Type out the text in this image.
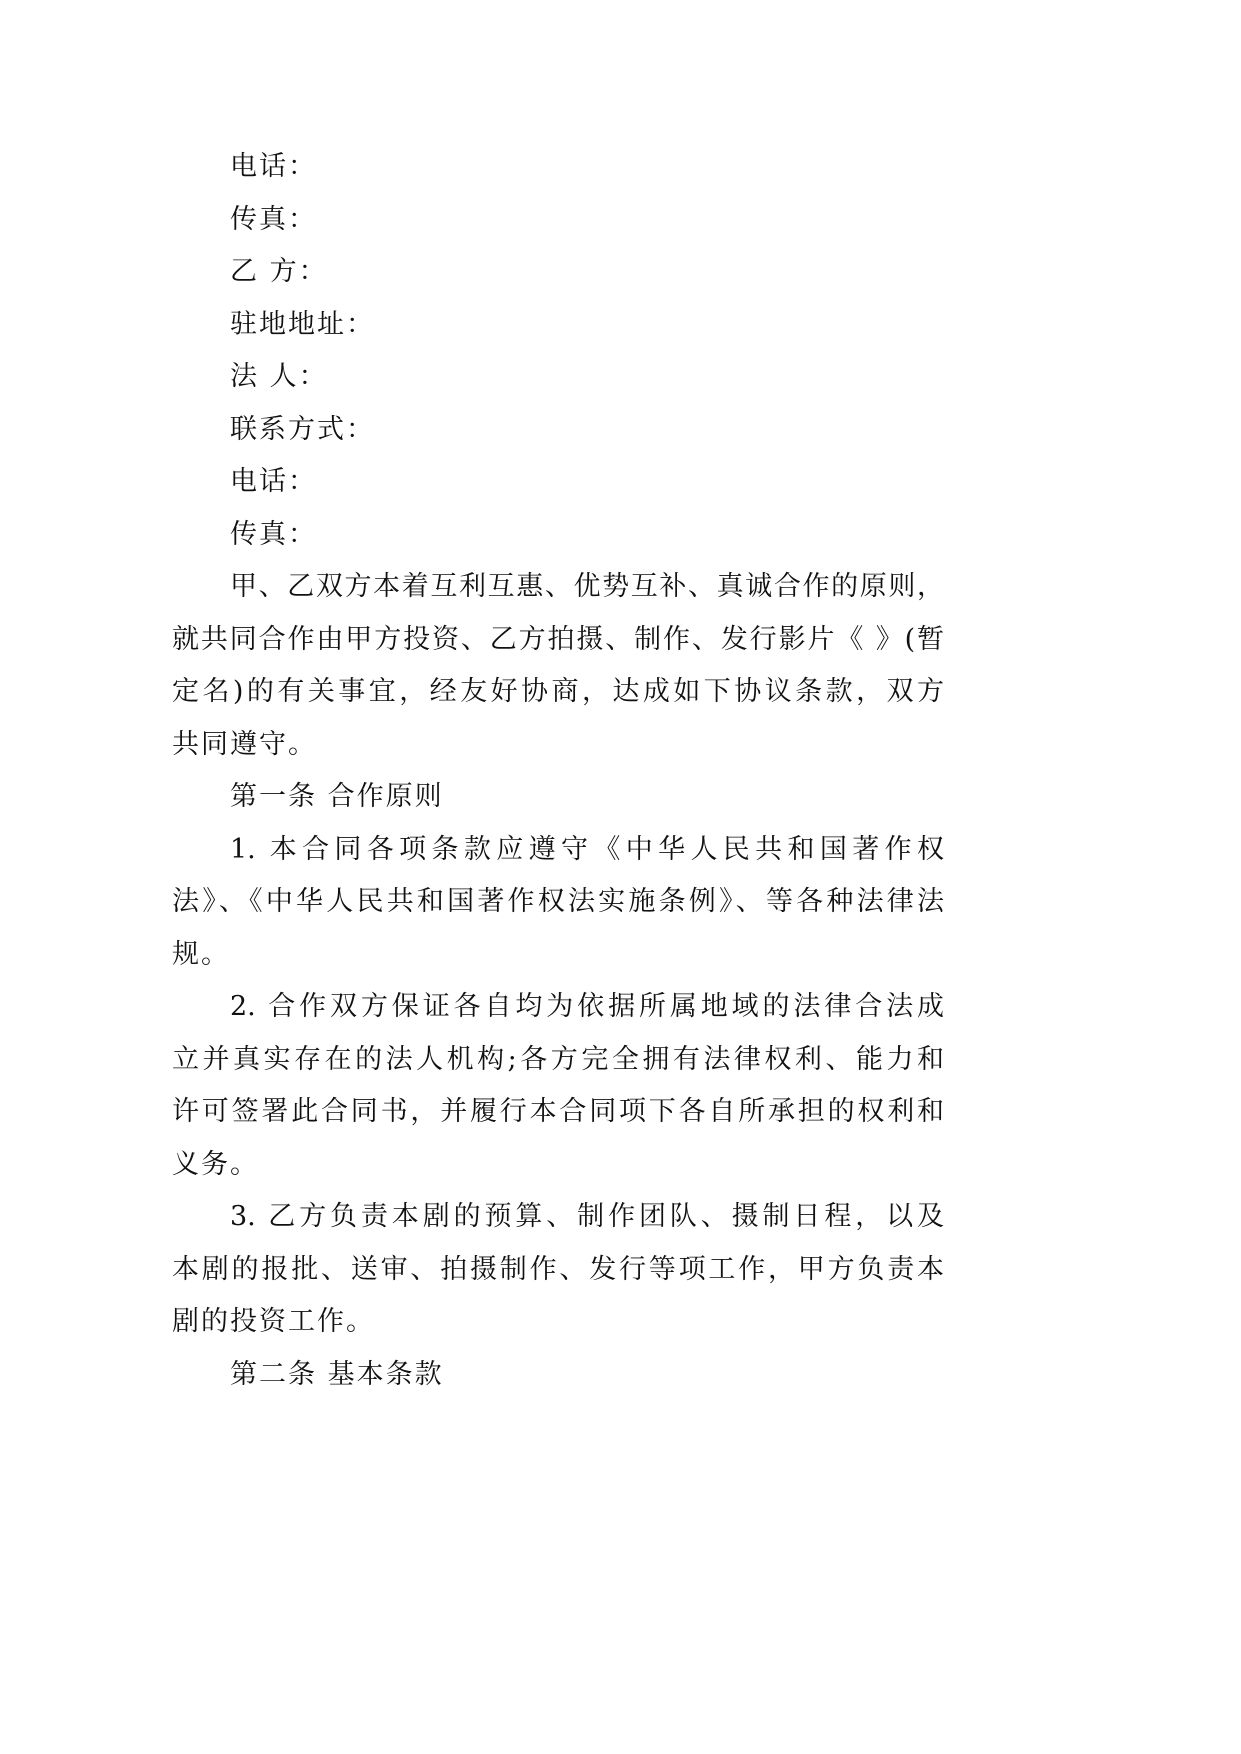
电话：

传真：

乙 方：

驻地地址：

法 人：

联系方式：

电话：

传真：

甲、乙双方本着互利互惠、优势互补、真诚合作的原则，
就共同合作由甲方投资、乙方拍摄、制作、发行影片《 》(暂
定名)的有关事宜，经友好协商，达成如下协议条款，双方
共同遵守。

第一条 合作原则

1. 本合同各项条款应遵守《中华人民共和国著作权
法》、《中华人民共和国著作权法实施条例》、等各种法律法
规。
2. 合作双方保证各自均为依据所属地域的法律合法成
立并真实存在的法人机构;各方完全拥有法律权利、能力和
许可签署此合同书，并履行本合同项下各自所承担的权利和
义务。
3. 乙方负责本剧的预算、制作团队、摄制日程，以及
本剧的报批、送审、拍摄制作、发行等项工作，甲方负责本
剧的投资工作。

第二条 基本条款
